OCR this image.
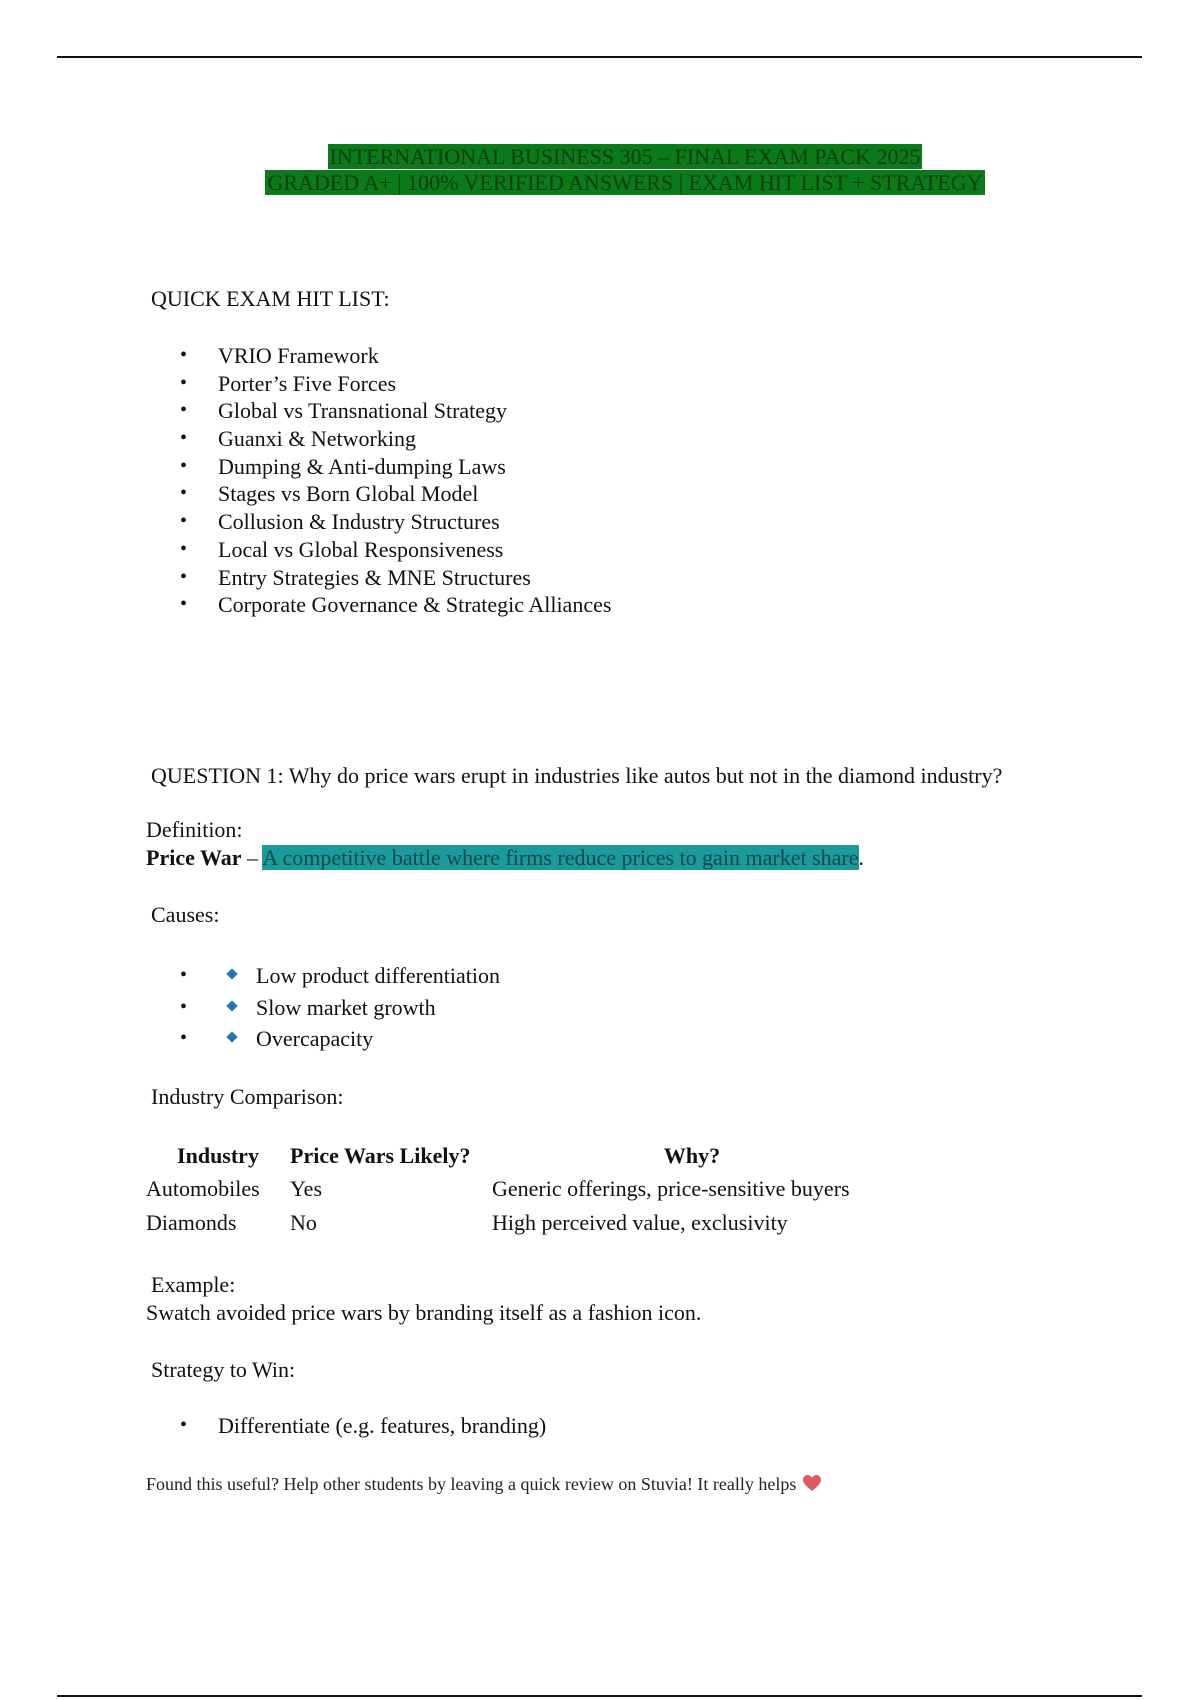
INTERNATIONAL BUSINESS 305 – FINAL EXAM PACK 2025
GRADED A+ | 100% VERIFIED ANSWERS | EXAM HIT LIST + STRATEGY
QUICK EXAM HIT LIST:
• VRIO Framework
• Porter’s Five Forces
• Global vs Transnational Strategy
• Guanxi & Networking
• Dumping & Anti-dumping Laws
• Stages vs Born Global Model
• Collusion & Industry Structures
• Local vs Global Responsiveness
• Entry Strategies & MNE Structures
• Corporate Governance & Strategic Alliances
QUESTION 1: Why do price wars erupt in industries like autos but not in the diamond industry?
Definition:
Price War – A competitive battle where firms reduce prices to gain market share.
Causes:
• Low product differentiation
• Slow market growth
• Overcapacity
Industry Comparison:
Industry	Price Wars Likely?	Why?
Automobiles	Yes	Generic offerings, price-sensitive buyers
Diamonds	No	High perceived value, exclusivity
Example:
Swatch avoided price wars by branding itself as a fashion icon.
Strategy to Win:
• Differentiate (e.g. features, branding)
Found this useful? Help other students by leaving a quick review on Stuvia! It really helps
